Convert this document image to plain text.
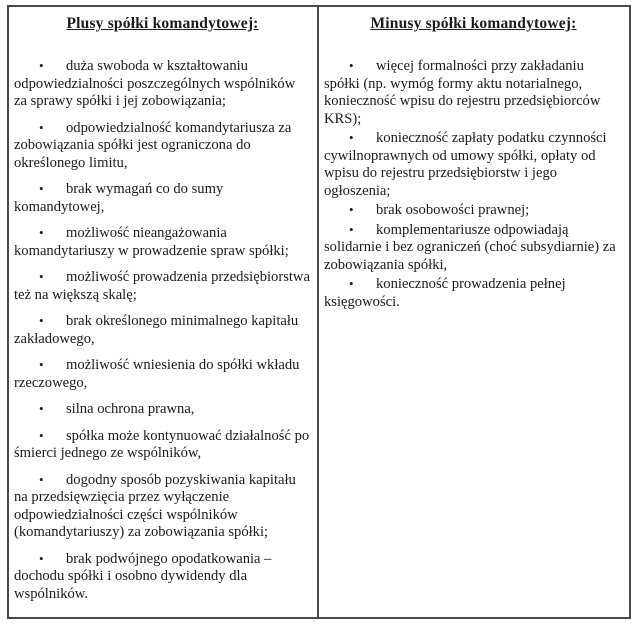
Plusy spółki komandytowej:

• duża swoboda w kształtowaniu odpowiedzialności poszczególnych wspólników za sprawy spółki i jej zobowiązania;

• odpowiedzialność komandytariusza za zobowiązania spółki jest ograniczona do określonego limitu,

• brak wymagań co do sumy komandytowej,

• możliwość nieangażowania komandytariuszy w prowadzenie spraw spółki;

• możliwość prowadzenia przedsiębiorstwa też na większą skalę;

• brak określonego minimalnego kapitału zakładowego,

• możliwość wniesienia do spółki wkładu rzeczowego,

• silna ochrona prawna,

• spółka może kontynuować działalność po śmierci jednego ze wspólników,

• dogodny sposób pozyskiwania kapitału na przedsięwzięcia przez wyłączenie odpowiedzialności części wspólników (komandytariuszy) za zobowiązania spółki;

• brak podwójnego opodatkowania – dochodu spółki i osobno dywidendy dla wspólników.

Minusy spółki komandytowej:

• więcej formalności przy zakładaniu spółki (np. wymóg formy aktu notarialnego, konieczność wpisu do rejestru przedsiębiorców KRS);

• konieczność zapłaty podatku czynności cywilnoprawnych od umowy spółki, opłaty od wpisu do rejestru przedsiębiorstw i jego ogłoszenia;

• brak osobowości prawnej;

• komplementariusze odpowiadają solidarnie i bez ograniczeń (choć subsydiarnie) za zobowiązania spółki,

• konieczność prowadzenia pełnej księgowości.
